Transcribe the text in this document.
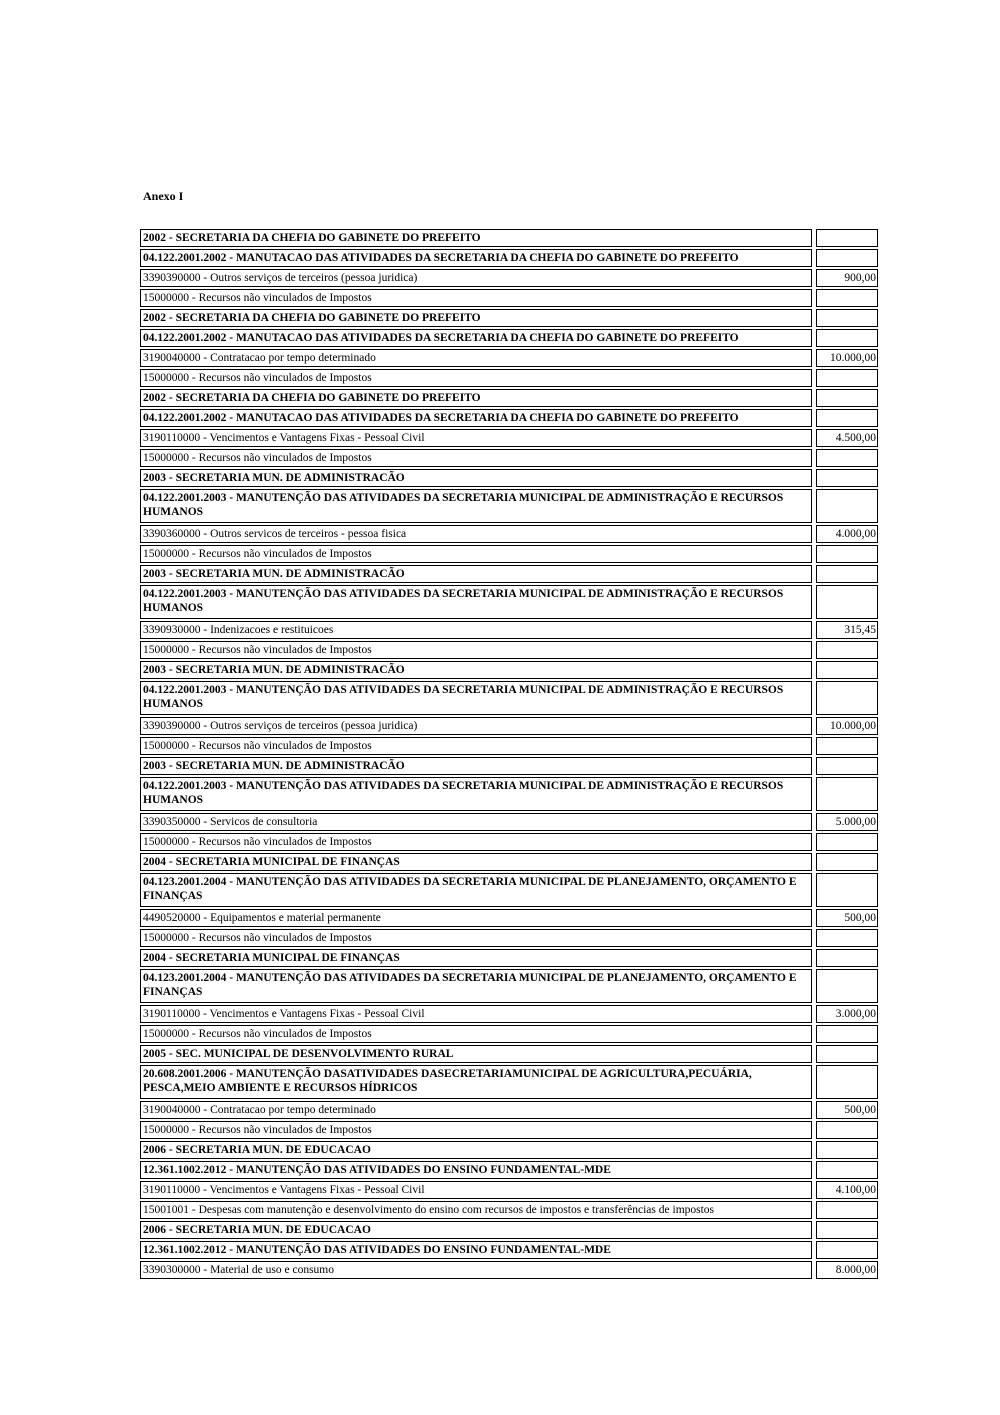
Anexo I
2002 - SECRETARIA DA CHEFIA DO GABINETE DO PREFEITO
04.122.2001.2002 - MANUTACAO DAS ATIVIDADES DA SECRETARIA DA CHEFIA DO GABINETE DO PREFEITO
3390390000 - Outros serviços de terceiros (pessoa juridica)	900,00
15000000 - Recursos não vinculados de Impostos
2002 - SECRETARIA DA CHEFIA DO GABINETE DO PREFEITO
04.122.2001.2002 - MANUTACAO DAS ATIVIDADES DA SECRETARIA DA CHEFIA DO GABINETE DO PREFEITO
3190040000 - Contratacao por tempo determinado	10.000,00
15000000 - Recursos não vinculados de Impostos
2002 - SECRETARIA DA CHEFIA DO GABINETE DO PREFEITO
04.122.2001.2002 - MANUTACAO DAS ATIVIDADES DA SECRETARIA DA CHEFIA DO GABINETE DO PREFEITO
3190110000 - Vencimentos e Vantagens Fixas - Pessoal Civil	4.500,00
15000000 - Recursos não vinculados de Impostos
2003 - SECRETARIA MUN. DE ADMINISTRACÃO
04.122.2001.2003 - MANUTENÇÃO DAS ATIVIDADES DA SECRETARIA MUNICIPAL DE ADMINISTRAÇÃO E RECURSOS HUMANOS
3390360000 - Outros servicos de terceiros - pessoa fisica	4.000,00
15000000 - Recursos não vinculados de Impostos
2003 - SECRETARIA MUN. DE ADMINISTRACÃO
04.122.2001.2003 - MANUTENÇÃO DAS ATIVIDADES DA SECRETARIA MUNICIPAL DE ADMINISTRAÇÃO E RECURSOS HUMANOS
3390930000 - Indenizacoes e restituicoes	315,45
15000000 - Recursos não vinculados de Impostos
2003 - SECRETARIA MUN. DE ADMINISTRACÃO
04.122.2001.2003 - MANUTENÇÃO DAS ATIVIDADES DA SECRETARIA MUNICIPAL DE ADMINISTRAÇÃO E RECURSOS HUMANOS
3390390000 - Outros serviços de terceiros (pessoa juridica)	10.000,00
15000000 - Recursos não vinculados de Impostos
2003 - SECRETARIA MUN. DE ADMINISTRACÃO
04.122.2001.2003 - MANUTENÇÃO DAS ATIVIDADES DA SECRETARIA MUNICIPAL DE ADMINISTRAÇÃO E RECURSOS HUMANOS
3390350000 - Servicos de consultoria	5.000,00
15000000 - Recursos não vinculados de Impostos
2004 - SECRETARIA MUNICIPAL DE FINANÇAS
04.123.2001.2004 - MANUTENÇÃO DAS ATIVIDADES DA SECRETARIA MUNICIPAL DE PLANEJAMENTO, ORÇAMENTO E FINANÇAS
4490520000 - Equipamentos e material permanente	500,00
15000000 - Recursos não vinculados de Impostos
2004 - SECRETARIA MUNICIPAL DE FINANÇAS
04.123.2001.2004 - MANUTENÇÃO DAS ATIVIDADES DA SECRETARIA MUNICIPAL DE PLANEJAMENTO, ORÇAMENTO E FINANÇAS
3190110000 - Vencimentos e Vantagens Fixas - Pessoal Civil	3.000,00
15000000 - Recursos não vinculados de Impostos
2005 - SEC. MUNICIPAL DE DESENVOLVIMENTO RURAL
20.608.2001.2006 - MANUTENÇÃO DASATIVIDADES DASECRETARIAMUNICIPAL DE AGRICULTURA,PECUÁRIA, PESCA,MEIO AMBIENTE E RECURSOS HÍDRICOS
3190040000 - Contratacao por tempo determinado	500,00
15000000 - Recursos não vinculados de Impostos
2006 - SECRETARIA MUN. DE EDUCACAO
12.361.1002.2012 - MANUTENÇÃO DAS ATIVIDADES DO ENSINO FUNDAMENTAL-MDE
3190110000 - Vencimentos e Vantagens Fixas - Pessoal Civil	4.100,00
15001001 - Despesas com manutenção e desenvolvimento do ensino com recursos de impostos e transferências de impostos
2006 - SECRETARIA MUN. DE EDUCACAO
12.361.1002.2012 - MANUTENÇÃO DAS ATIVIDADES DO ENSINO FUNDAMENTAL-MDE
3390300000 - Material de uso e consumo	8.000,00
